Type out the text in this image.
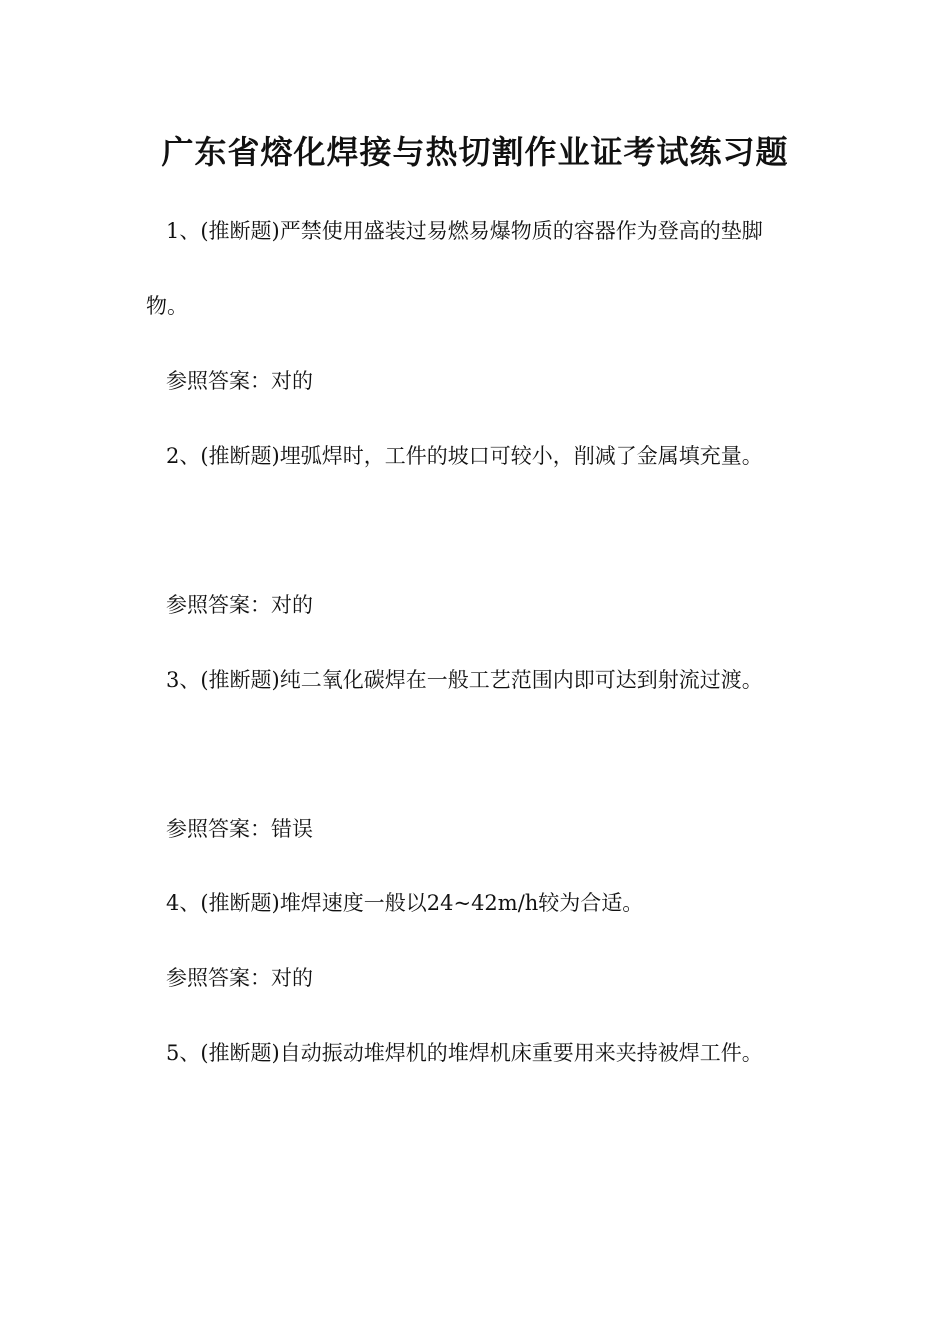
广东省熔化焊接与热切割作业证考试练习题
1、(推断题)严禁使用盛装过易燃易爆物质的容器作为登高的垫脚
物。
参照答案：对的
2、(推断题)埋弧焊时，工件的坡口可较小，削减了金属填充量。
参照答案：对的
3、(推断题)纯二氧化碳焊在一般工艺范围内即可达到射流过渡。
参照答案：错误
4、(推断题)堆焊速度一般以24~42m/h较为合适。
参照答案：对的
5、(推断题)自动振动堆焊机的堆焊机床重要用来夹持被焊工件。
